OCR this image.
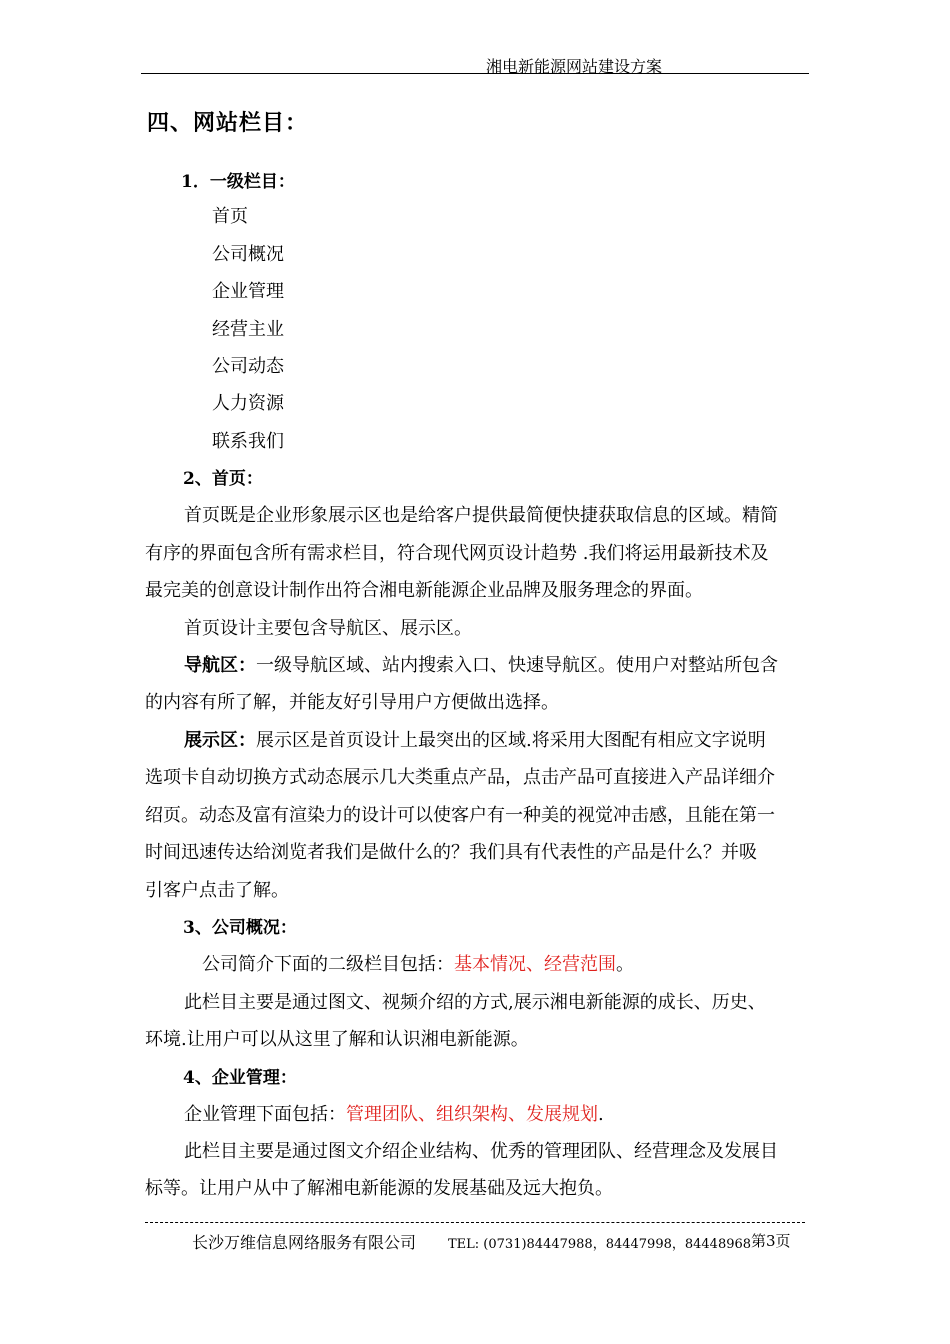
湘电新能源网站建设方案
四、网站栏目：
1．一级栏目：
首页
公司概况
企业管理
经营主业
公司动态
人力资源
联系我们
2、首页：
首页既是企业形象展示区也是给客户提供最简便快捷获取信息的区域。精简
有序的界面包含所有需求栏目，符合现代网页设计趋势 .我们将运用最新技术及
最完美的创意设计制作出符合湘电新能源企业品牌及服务理念的界面。
首页设计主要包含导航区、展示区。
导航区：一级导航区域、站内搜索入口、快速导航区。使用户对整站所包含
的内容有所了解，并能友好引导用户方便做出选择。
展示区：展示区是首页设计上最突出的区域.将采用大图配有相应文字说明
选项卡自动切换方式动态展示几大类重点产品，点击产品可直接进入产品详细介
绍页。动态及富有渲染力的设计可以使客户有一种美的视觉冲击感，且能在第一
时间迅速传达给浏览者我们是做什么的？我们具有代表性的产品是什么？并吸
引客户点击了解。
3、公司概况：
公司简介下面的二级栏目包括：基本情况、经营范围。
此栏目主要是通过图文、视频介绍的方式,展示湘电新能源的成长、历史、
环境.让用户可以从这里了解和认识湘电新能源。
4、企业管理：
企业管理下面包括：管理团队、组织架构、发展规划.
此栏目主要是通过图文介绍企业结构、优秀的管理团队、经营理念及发展目
标等。让用户从中了解湘电新能源的发展基础及远大抱负。
长沙万维信息网络服务有限公司 TEL: (0731)84447988，84447998，84448968 第3页
